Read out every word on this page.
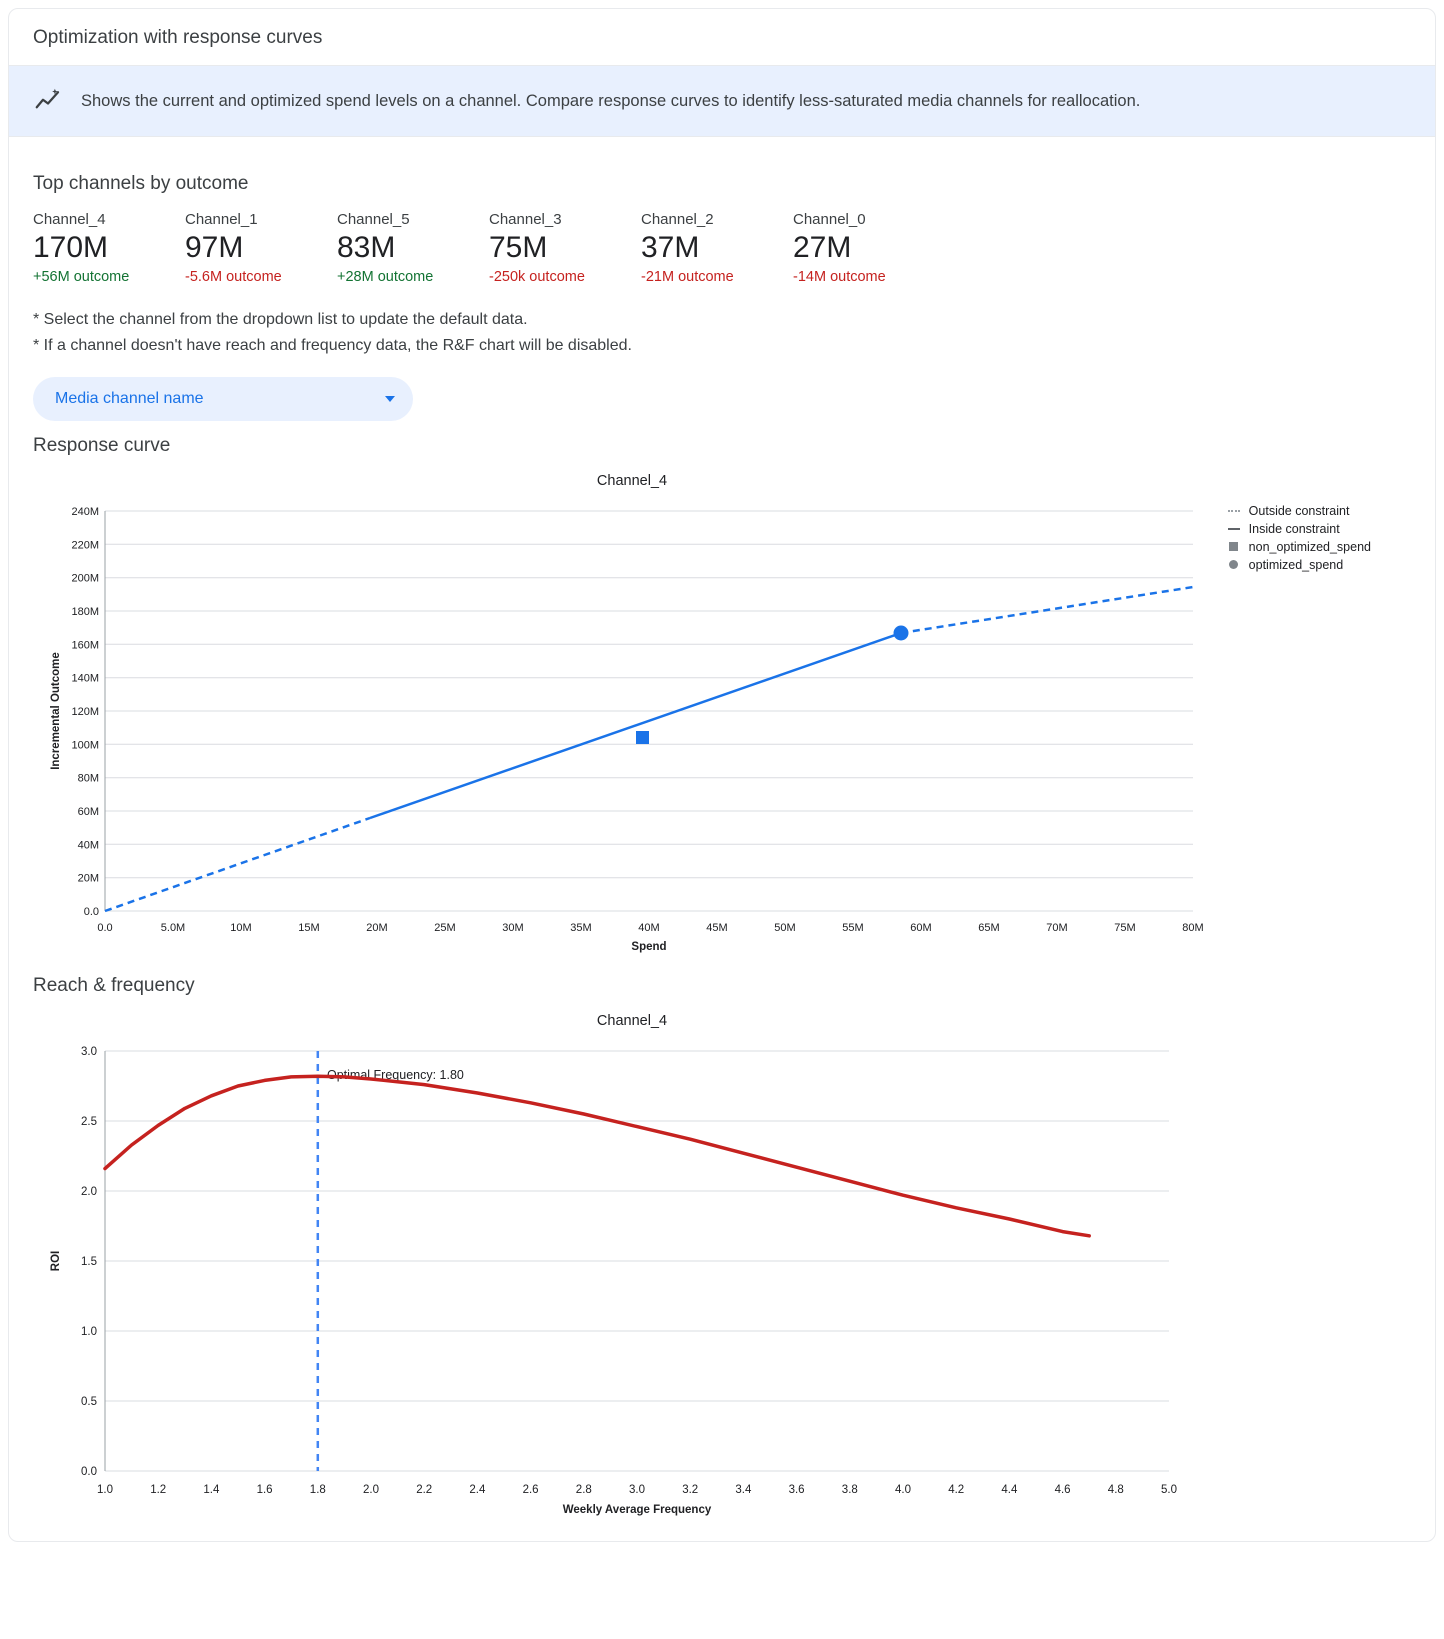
Optimization with response curves
Shows the current and optimized spend levels on a channel. Compare response curves to identify less-saturated media channels for reallocation.
Top channels by outcome
Channel_4
170M
+56M outcome
Channel_1
97M
-5.6M outcome
Channel_5
83M
+28M outcome
Channel_3
75M
-250k outcome
Channel_2
37M
-21M outcome
Channel_0
27M
-14M outcome
* Select the channel from the dropdown list to update the default data.
* If a channel doesn't have reach and frequency data, the R&F chart will be disabled.
Media channel name
Response curve
Channel_4
Outside constraint
Inside constraint
non_optimized_spend
optimized_spend
240M
220M
200M
180M
160M
140M
120M
100M
80M
60M
40M
20M
0.0
0.0	5.0M	10M	15M	20M	25M	30M	35M	40M	45M	50M	55M	60M	65M	70M	75M	80M
Spend
Incremental Outcome
Reach & frequency
Channel_4
3.0
2.5
2.0
1.5
1.0
0.5
0.0
1.0	1.2	1.4	1.6	1.8	2.0	2.2	2.4	2.6	2.8	3.0	3.2	3.4	3.6	3.8	4.0	4.2	4.4	4.6	4.8	5.0
Weekly Average Frequency
ROI
Optimal Frequency: 1.80
